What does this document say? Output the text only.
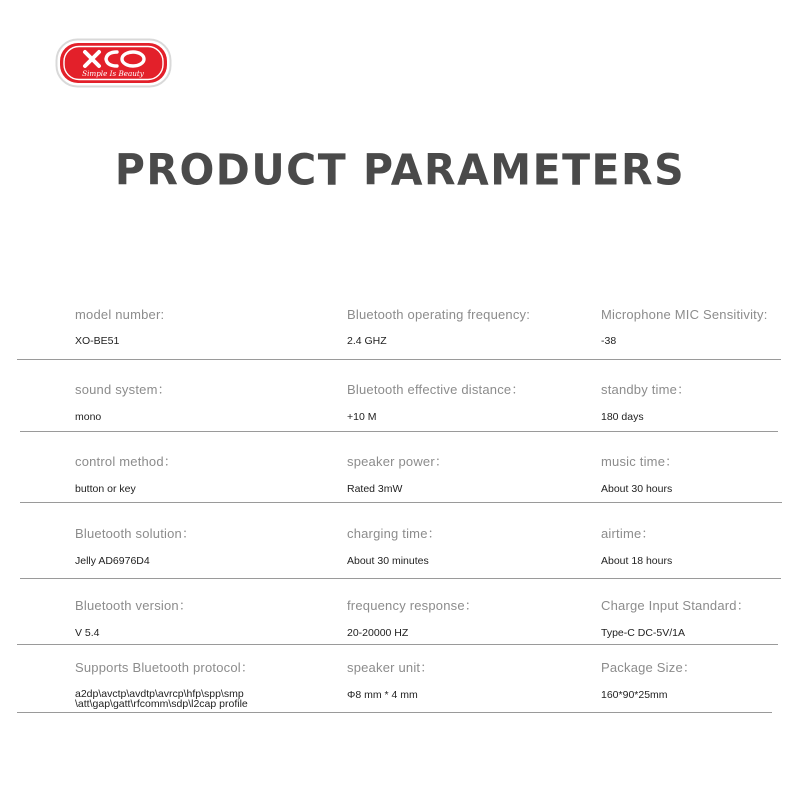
Simple Is Beauty
PRODUCT PARAMETERS
model number:
XO-BE51
Bluetooth operating frequency:
2.4 GHZ
Microphone MIC Sensitivity:
-38
sound system：
mono
Bluetooth effective distance：
+10 M
standby time：
180 days
control method：
button or key
speaker power：
Rated 3mW
music time：
About 30 hours
Bluetooth solution：
Jelly AD6976D4
charging time：
About 30 minutes
airtime：
About 18 hours
Bluetooth version：
V 5.4
frequency response：
20-20000 HZ
Charge Input Standard：
Type-C DC-5V/1A
Supports Bluetooth protocol：
a2dp\avctp\avdtp\avrcp\hfp\spp\smp
\att\gap\gatt\rfcomm\sdp\l2cap profile
speaker unit：
Φ8 mm * 4 mm
Package Size：
160*90*25mm
